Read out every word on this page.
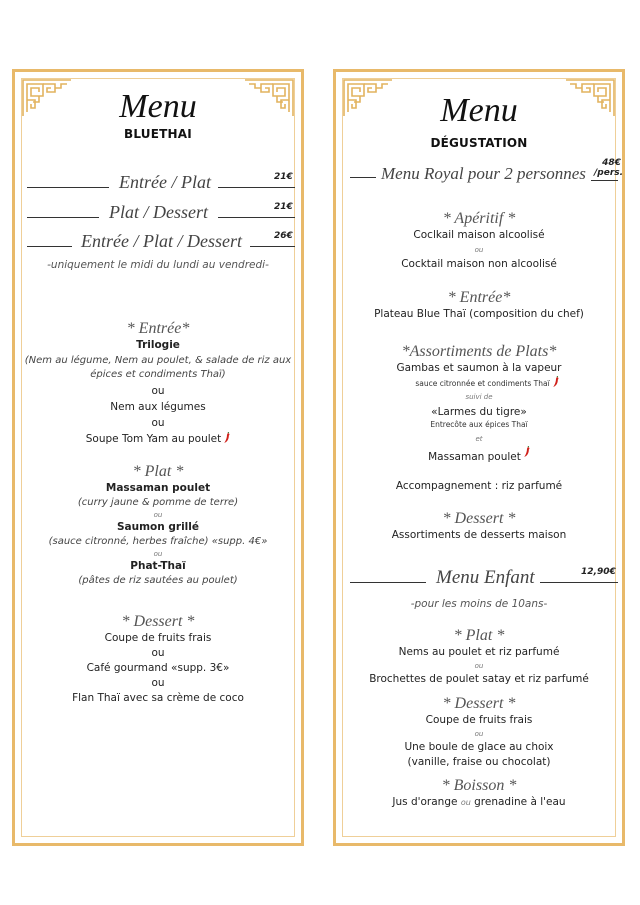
Menu
BLUETHAI
Entrée / Plat	21€
Plat / Dessert	21€
Entrée / Plat / Dessert	26€
-uniquement le midi du lundi au vendredi-
* Entrée*
Trilogie
(Nem au légume, Nem au poulet, & salade de riz aux
épices et condiments Thaï)
ou
Nem aux légumes
ou
Soupe Tom Yam au poulet
* Plat *
Massaman poulet
(curry jaune & pomme de terre)
ou
Saumon grillé
(sauce citronné, herbes fraîche) «supp. 4€»
ou
Phat-Thaï
(pâtes de riz sautées au poulet)
* Dessert *
Coupe de fruits frais
ou
Café gourmand «supp. 3€»
ou
Flan Thaï avec sa crème de coco
Menu
DÉGUSTATION
Menu Royal pour 2 personnes
48€
/pers.
* Apéritif *
Coclkail maison alcoolisé
ou
Cocktail maison non alcoolisé
* Entrée*
Plateau Blue Thaï (composition du chef)
*Assortiments de Plats*
Gambas et saumon à la vapeur
sauce citronnée et condiments Thaï
suivi de
«Larmes du tigre»
Entrecôte aux épices Thaï
et
Massaman poulet
Accompagnement : riz parfumé
* Dessert *
Assortiments de desserts maison
Menu Enfant	12,90€
-pour les moins de 10ans-
* Plat *
Nems au poulet et riz parfumé
ou
Brochettes de poulet satay et riz parfumé
* Dessert *
Coupe de fruits frais
ou
Une boule de glace au choix
(vanille, fraise ou chocolat)
* Boisson *
Jus d'orange ou grenadine à l'eau
